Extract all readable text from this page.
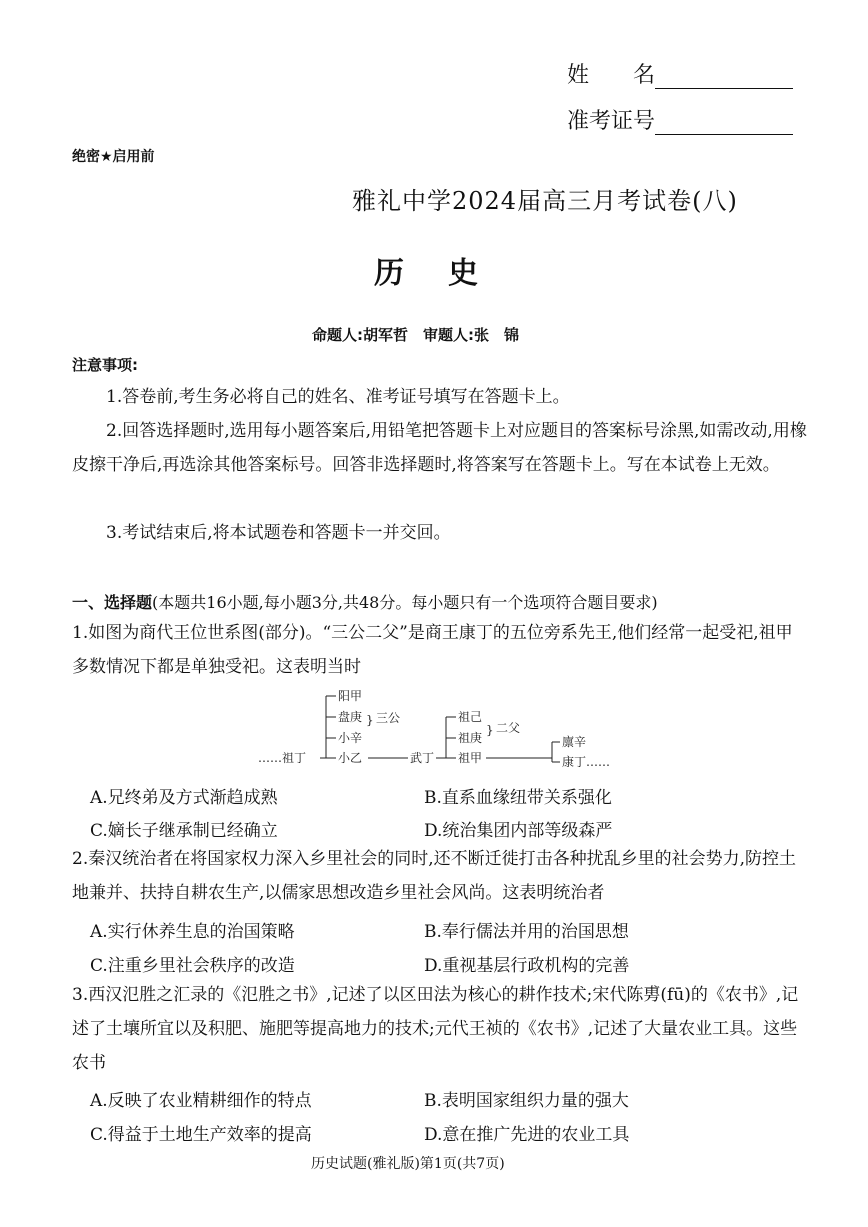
姓　　名
准考证号
绝密★启用前
雅礼中学2024届高三月考试卷(八)
历史
命题人:胡军哲　审题人:张　锦
注意事项:
1.答卷前,考生务必将自己的姓名、准考证号填写在答题卡上。
2.回答选择题时,选用每小题答案后,用铅笔把答题卡上对应题目的答案标号涂黑,如需改动,用橡皮擦干净后,再选涂其他答案标号。回答非选择题时,将答案写在答题卡上。写在本试卷上无效。
3.考试结束后,将本试题卷和答题卡一并交回。
一、选择题(本题共16小题,每小题3分,共48分。每小题只有一个选项符合题目要求)
1.如图为商代王位世系图(部分)。“三公二父”是商王康丁的五位旁系先王,他们经常一起受祀,祖甲多数情况下都是单独受祀。这表明当时
……祖丁
阳甲
盘庚
小辛
小乙
} 三公
武丁
祖己
祖庚
祖甲
} 二父
廪辛
康丁……
A.兄终弟及方式渐趋成熟	B.直系血缘纽带关系强化
C.嫡长子继承制已经确立	D.统治集团内部等级森严
2.秦汉统治者在将国家权力深入乡里社会的同时,还不断迁徙打击各种扰乱乡里的社会势力,防控土地兼并、扶持自耕农生产,以儒家思想改造乡里社会风尚。这表明统治者
A.实行休养生息的治国策略	B.奉行儒法并用的治国思想
C.注重乡里社会秩序的改造	D.重视基层行政机构的完善
3.西汉氾胜之汇录的《氾胜之书》,记述了以区田法为核心的耕作技术;宋代陈旉(fū)的《农书》,记述了土壤所宜以及积肥、施肥等提高地力的技术;元代王祯的《农书》,记述了大量农业工具。这些农书
A.反映了农业精耕细作的特点	B.表明国家组织力量的强大
C.得益于土地生产效率的提高	D.意在推广先进的农业工具
历史试题(雅礼版)第1页(共7页)
